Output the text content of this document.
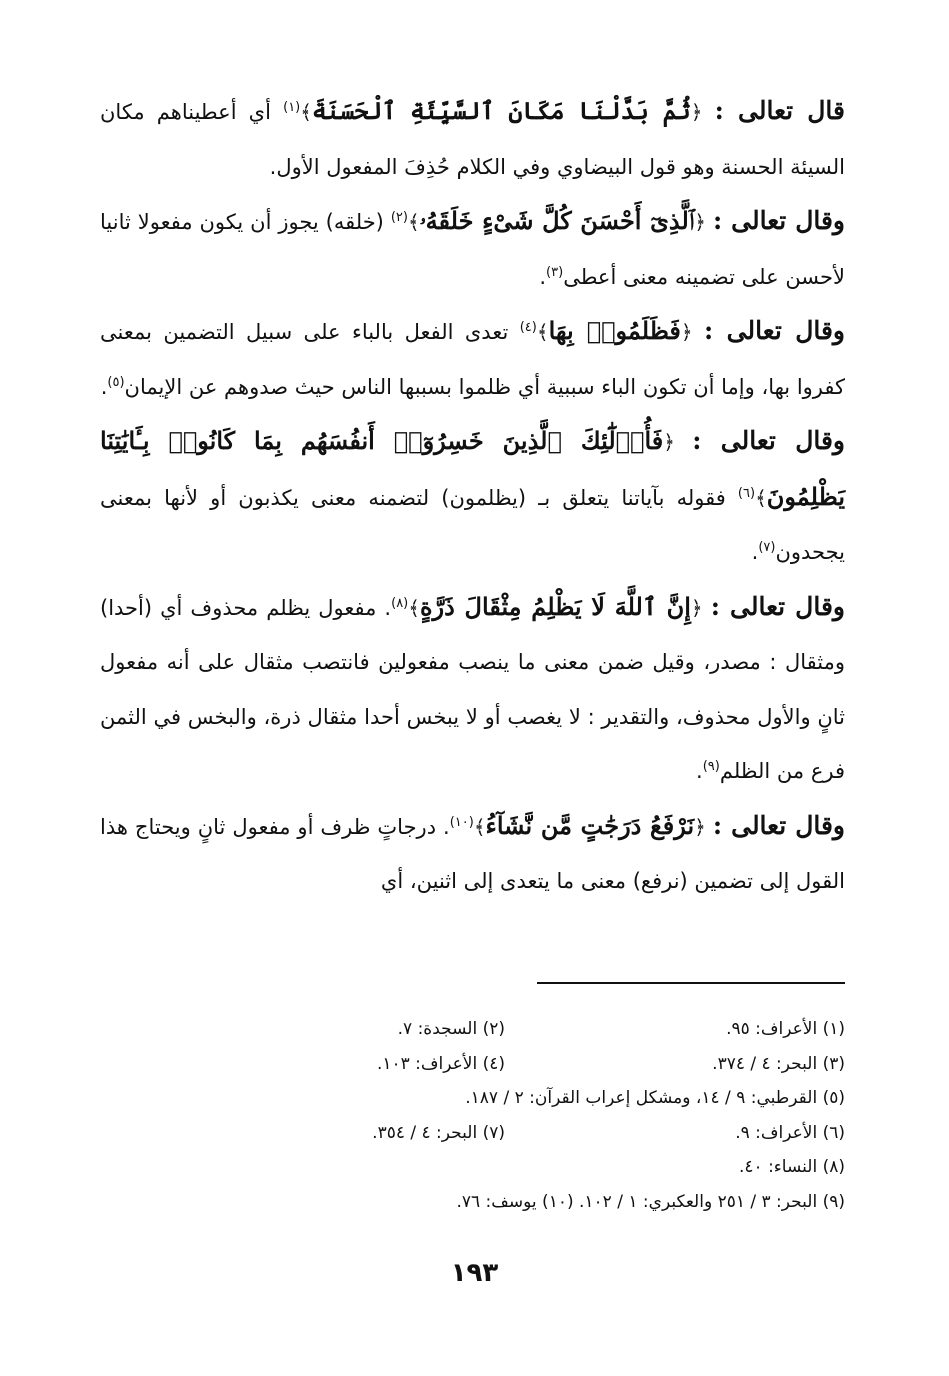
قال تعالى : ﴿ثُمَّ بَدَّلْنَا مَكَانَ ٱلسَّيِّئَةِ ٱلْحَسَنَةَ﴾$^{(١)}$ أي أعطيناهم مكان السيئة الحسنة وهو قول البيضاوي وفي الكلام حُذِفَ المفعول الأول.

وقال تعالى : ﴿ٱلَّذِىٓ أَحْسَنَ كُلَّ شَىْءٍ خَلَقَهُۥ﴾$^{(٢)}$ (خلقه) يجوز أن يكون مفعولا ثانيا لأحسن على تضمينه معنى أعطى$^{(٣)}$.

وقال تعالى : ﴿فَظَلَمُوا۟ بِهَا﴾$^{(٤)}$ تعدى الفعل بالباء على سبيل التضمين بمعنى كفروا بها، وإما أن تكون الباء سببية أي ظلموا بسببها الناس حيث صدوهم عن الإيمان$^{(٥)}$.

وقال تعالى : ﴿فَأُو۟لَٰٓئِكَ ٱلَّذِينَ خَسِرُوٓا۟ أَنفُسَهُم بِمَا كَانُوا۟ بِـَٔايَٰتِنَا يَظْلِمُونَ﴾$^{(٦)}$ فقوله بآياتنا يتعلق بـ (يظلمون) لتضمنه معنى يكذبون أو لأنها بمعنى يجحدون$^{(٧)}$.

وقال تعالى : ﴿إِنَّ ٱللَّهَ لَا يَظْلِمُ مِثْقَالَ ذَرَّةٍ﴾$^{(٨)}$. مفعول يظلم محذوف أي (أحدا) ومثقال : مصدر، وقيل ضمن معنى ما ينصب مفعولين فانتصب مثقال على أنه مفعول ثانٍ والأول محذوف، والتقدير : لا يغصب أو لا يبخس أحدا مثقال ذرة، والبخس في الثمن فرع من الظلم$^{(٩)}$.

وقال تعالى : ﴿نَرْفَعُ دَرَجَٰتٍ مَّن نَّشَآءُ﴾$^{(١٠)}$. درجاتٍ ظرف أو مفعول ثانٍ ويحتاج هذا القول إلى تضمين (نرفع) معنى ما يتعدى إلى اثنين، أي

(١) الأعراف: ٩٥.
(٢) السجدة: ٧.
(٣) البحر: ٤ / ٣٧٤.
(٤) الأعراف: ١٠٣.
(٥) القرطبي: ٩ / ١٤، ومشكل إعراب القرآن: ٢ / ١٨٧.
(٦) الأعراف: ٩.
(٧) البحر: ٤ / ٣٥٤.
(٨) النساء: ٤٠.
(٩) البحر: ٣ / ٢٥١ والعكبري: ١ / ١٠٢. (١٠) يوسف: ٧٦.
١٩٣
